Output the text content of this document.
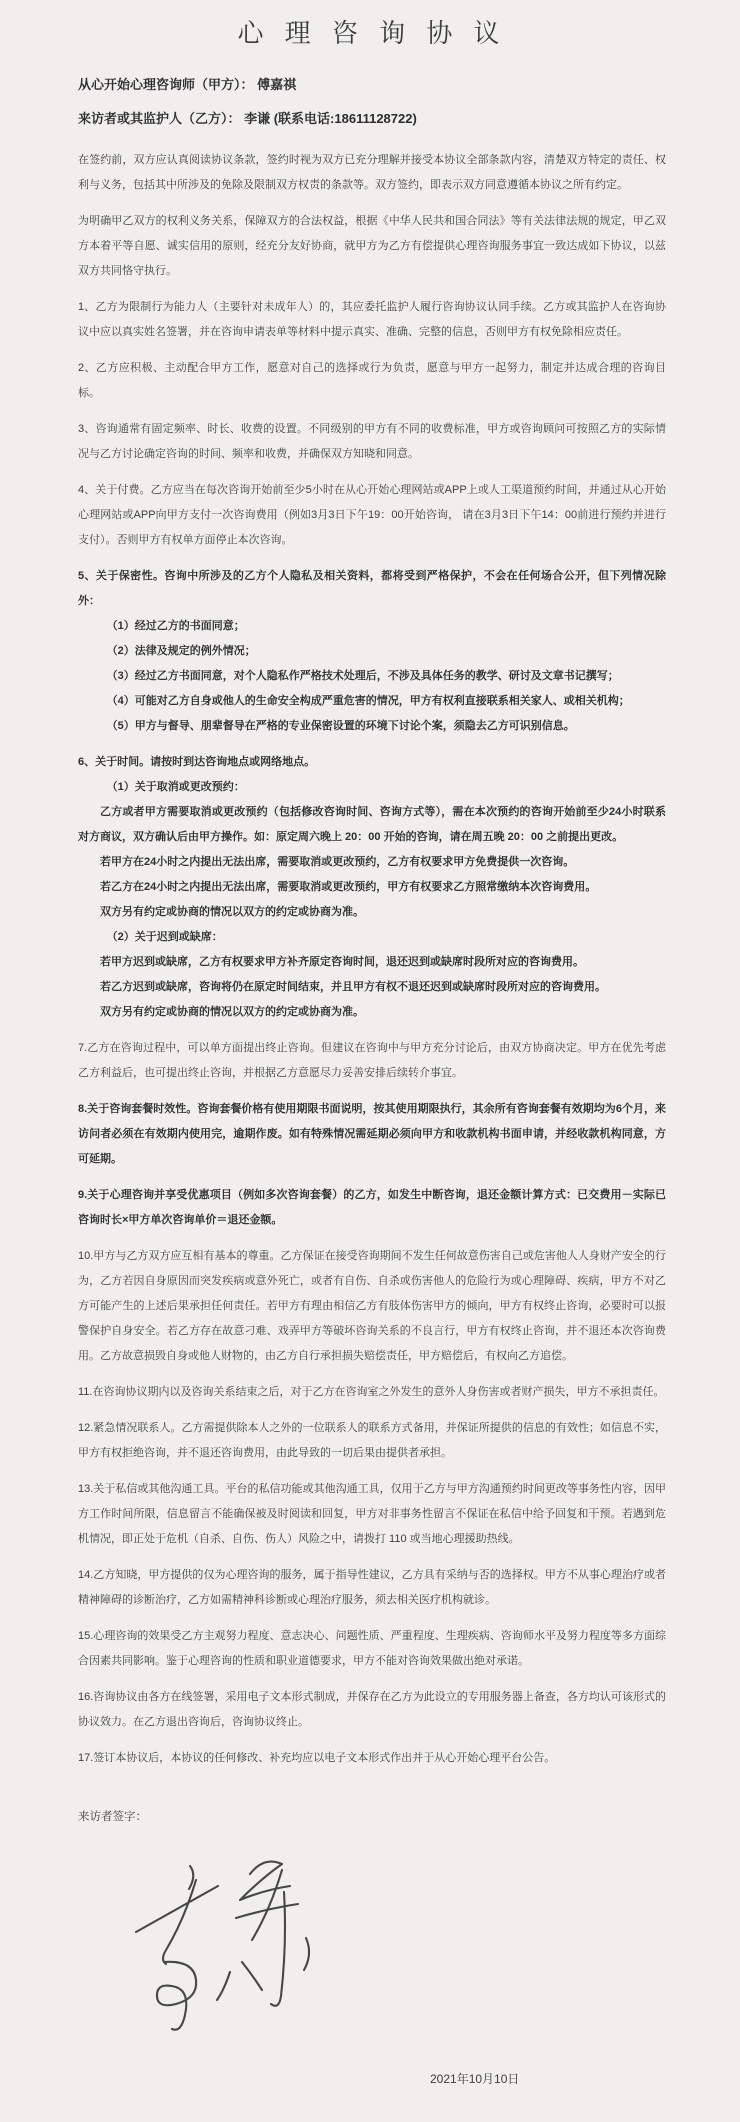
心 理 咨 询 协 议

从心开始心理咨询师（甲方）： 傅嘉祺

来访者或其监护人（乙方）： 李谦 (联系电话:18611128722)

在签约前，双方应认真阅读协议条款，签约时视为双方已充分理解并接受本协议全部条款内容，清楚双方特定的责任、权利与义务，包括其中所涉及的免除及限制双方权责的条款等。双方签约，即表示双方同意遵循本协议之所有约定。

为明确甲乙双方的权利义务关系，保障双方的合法权益，根据《中华人民共和国合同法》等有关法律法规的规定，甲乙双方本着平等自愿、诚实信用的原则，经充分友好协商，就甲方为乙方有偿提供心理咨询服务事宜一致达成如下协议，以兹双方共同恪守执行。

1、乙方为限制行为能力人（主要针对未成年人）的，其应委托监护人履行咨询协议认同手续。乙方或其监护人在咨询协议中应以真实姓名签署，并在咨询申请表单等材料中提示真实、准确、完整的信息，否则甲方有权免除相应责任。

2、乙方应积极、主动配合甲方工作，愿意对自己的选择或行为负责，愿意与甲方一起努力，制定并达成合理的咨询目标。

3、咨询通常有固定频率、时长、收费的设置。不同级别的甲方有不同的收费标准，甲方或咨询顾问可按照乙方的实际情况与乙方讨论确定咨询的时间、频率和收费，并确保双方知晓和同意。

4、关于付费。乙方应当在每次咨询开始前至少5小时在从心开始心理网站或APP上或人工渠道预约时间，并通过从心开始心理网站或APP向甲方支付一次咨询费用（例如3月3日下午19：00开始咨询， 请在3月3日下午14：00前进行预约并进行支付）。否则甲方有权单方面停止本次咨询。

5、关于保密性。咨询中所涉及的乙方个人隐私及相关资料，都将受到严格保护，不会在任何场合公开，但下列情况除外：

（1）经过乙方的书面同意；

（2）法律及规定的例外情况；

（3）经过乙方书面同意，对个人隐私作严格技术处理后，不涉及具体任务的教学、研讨及文章书记撰写；

（4）可能对乙方自身或他人的生命安全构成严重危害的情况，甲方有权利直接联系相关家人、或相关机构；

（5）甲方与督导、朋辈督导在严格的专业保密设置的环境下讨论个案，须隐去乙方可识别信息。

6、关于时间。请按时到达咨询地点或网络地点。

（1）关于取消或更改预约：

乙方或者甲方需要取消或更改预约（包括修改咨询时间、咨询方式等），需在本次预约的咨询开始前至少24小时联系对方商议，双方确认后由甲方操作。如：原定周六晚上 20：00 开始的咨询，请在周五晚 20：00 之前提出更改。

若甲方在24小时之内提出无法出席，需要取消或更改预约，乙方有权要求甲方免费提供一次咨询。

若乙方在24小时之内提出无法出席，需要取消或更改预约，甲方有权要求乙方照常缴纳本次咨询费用。

双方另有约定或协商的情况以双方的约定或协商为准。

（2）关于迟到或缺席：

若甲方迟到或缺席，乙方有权要求甲方补齐原定咨询时间，退还迟到或缺席时段所对应的咨询费用。

若乙方迟到或缺席，咨询将仍在原定时间结束，并且甲方有权不退还迟到或缺席时段所对应的咨询费用。

双方另有约定或协商的情况以双方的约定或协商为准。

7.乙方在咨询过程中，可以单方面提出终止咨询。但建议在咨询中与甲方充分讨论后，由双方协商决定。甲方在优先考虑乙方利益后，也可提出终止咨询，并根据乙方意愿尽力妥善安排后续转介事宜。

8.关于咨询套餐时效性。咨询套餐价格有使用期限书面说明，按其使用期限执行，其余所有咨询套餐有效期均为6个月，来访问者必须在有效期内使用完，逾期作废。如有特殊情况需延期必须向甲方和收款机构书面申请，并经收款机构同意，方可延期。

9.关于心理咨询并享受优惠项目（例如多次咨询套餐）的乙方，如发生中断咨询，退还金额计算方式：已交费用－实际已咨询时长×甲方单次咨询单价＝退还金额。

10.甲方与乙方双方应互相有基本的尊重。乙方保证在接受咨询期间不发生任何故意伤害自己或危害他人人身财产安全的行为，乙方若因自身原因而突发疾病或意外死亡，或者有自伤、自杀或伤害他人的危险行为或心理障碍、疾病，甲方不对乙方可能产生的上述后果承担任何责任。若甲方有理由相信乙方有肢体伤害甲方的倾向，甲方有权终止咨询，必要时可以报警保护自身安全。若乙方存在故意刁难、戏弄甲方等破坏咨询关系的不良言行，甲方有权终止咨询，并不退还本次咨询费用。乙方故意损毁自身或他人财物的，由乙方自行承担损失赔偿责任，甲方赔偿后，有权向乙方追偿。

11.在咨询协议期内以及咨询关系结束之后，对于乙方在咨询室之外发生的意外人身伤害或者财产损失，甲方不承担责任。

12.紧急情况联系人。乙方需提供除本人之外的一位联系人的联系方式备用，并保证所提供的信息的有效性；如信息不实，甲方有权拒绝咨询，并不退还咨询费用，由此导致的一切后果由提供者承担。

13.关于私信或其他沟通工具。平台的私信功能或其他沟通工具，仅用于乙方与甲方沟通预约时间更改等事务性内容，因甲方工作时间所限，信息留言不能确保被及时阅读和回复，甲方对非事务性留言不保证在私信中给予回复和干预。若遇到危机情况，即正处于危机（自杀、自伤、伤人）风险之中，请拨打 110 或当地心理援助热线。

14.乙方知晓，甲方提供的仅为心理咨询的服务，属于指导性建议，乙方具有采纳与否的选择权。甲方不从事心理治疗或者精神障碍的诊断治疗，乙方如需精神科诊断或心理治疗服务，须去相关医疗机构就诊。

15.心理咨询的效果受乙方主观努力程度、意志决心、问题性质、严重程度、生理疾病、咨询师水平及努力程度等多方面综合因素共同影响。鉴于心理咨询的性质和职业道德要求，甲方不能对咨询效果做出绝对承诺。

16.咨询协议由各方在线签署，采用电子文本形式制成，并保存在乙方为此设立的专用服务器上备查，各方均认可该形式的协议效力。在乙方退出咨询后，咨询协议终止。

17.签订本协议后，本协议的任何修改、补充均应以电子文本形式作出并于从心开始心理平台公告。

来访者签字：

2021年10月10日
